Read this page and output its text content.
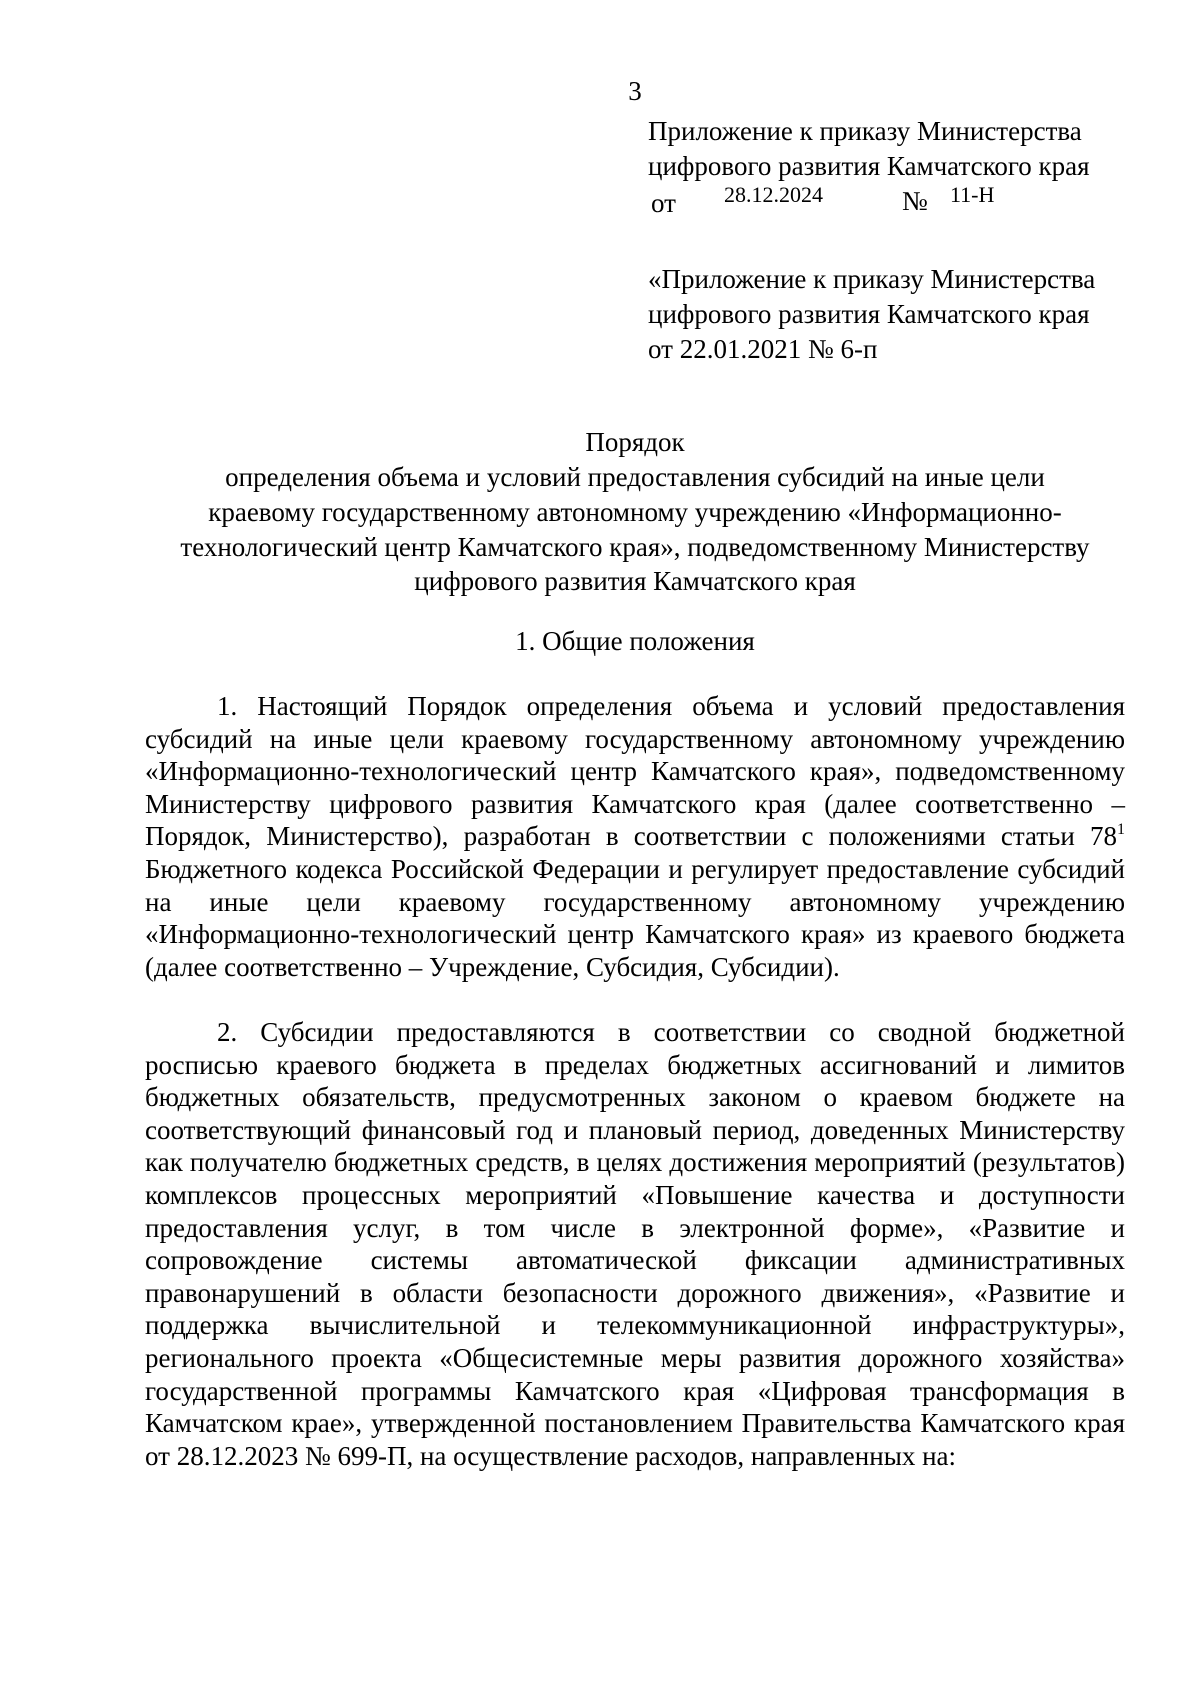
3
Приложение к приказу Министерства
цифрового развития Камчатского края
от 28.12.2024	№ 11-Н
«Приложение к приказу Министерства
цифрового развития Камчатского края
от 22.01.2021 № 6-п
Порядок
определения объема и условий предоставления субсидий на иные цели
краевому государственному автономному учреждению «Информационно-
технологический центр Камчатского края», подведомственному Министерству
цифрового развития Камчатского края
1. Общие положения

1. Настоящий Порядок определения объема и условий предоставления субсидий на иные цели краевому государственному автономному учреждению «Информационно-технологический центр Камчатского края», подведомственному Министерству цифрового развития Камчатского края (далее соответственно – Порядок, Министерство), разработан в соответствии с положениями статьи $78^1$ Бюджетного кодекса Российской Федерации и регулирует предоставление субсидий на иные цели краевому государственному автономному учреждению «Информационно-технологический центр Камчатского края» из краевого бюджета (далее соответственно – Учреждение, Субсидия, Субсидии).

2. Субсидии предоставляются в соответствии со сводной бюджетной росписью краевого бюджета в пределах бюджетных ассигнований и лимитов бюджетных обязательств, предусмотренных законом о краевом бюджете на соответствующий финансовый год и плановый период, доведенных Министерству как получателю бюджетных средств, в целях достижения мероприятий (результатов) комплексов процессных мероприятий «Повышение качества и доступности предоставления услуг, в том числе в электронной форме», «Развитие и сопровождение системы автоматической фиксации административных правонарушений в области безопасности дорожного движения», «Развитие и поддержка вычислительной и телекоммуникационной инфраструктуры», регионального проекта «Общесистемные меры развития дорожного хозяйства» государственной программы Камчатского края «Цифровая трансформация в Камчатском крае», утвержденной постановлением Правительства Камчатского края от 28.12.2023 № 699-П, на осуществление расходов, направленных на:
